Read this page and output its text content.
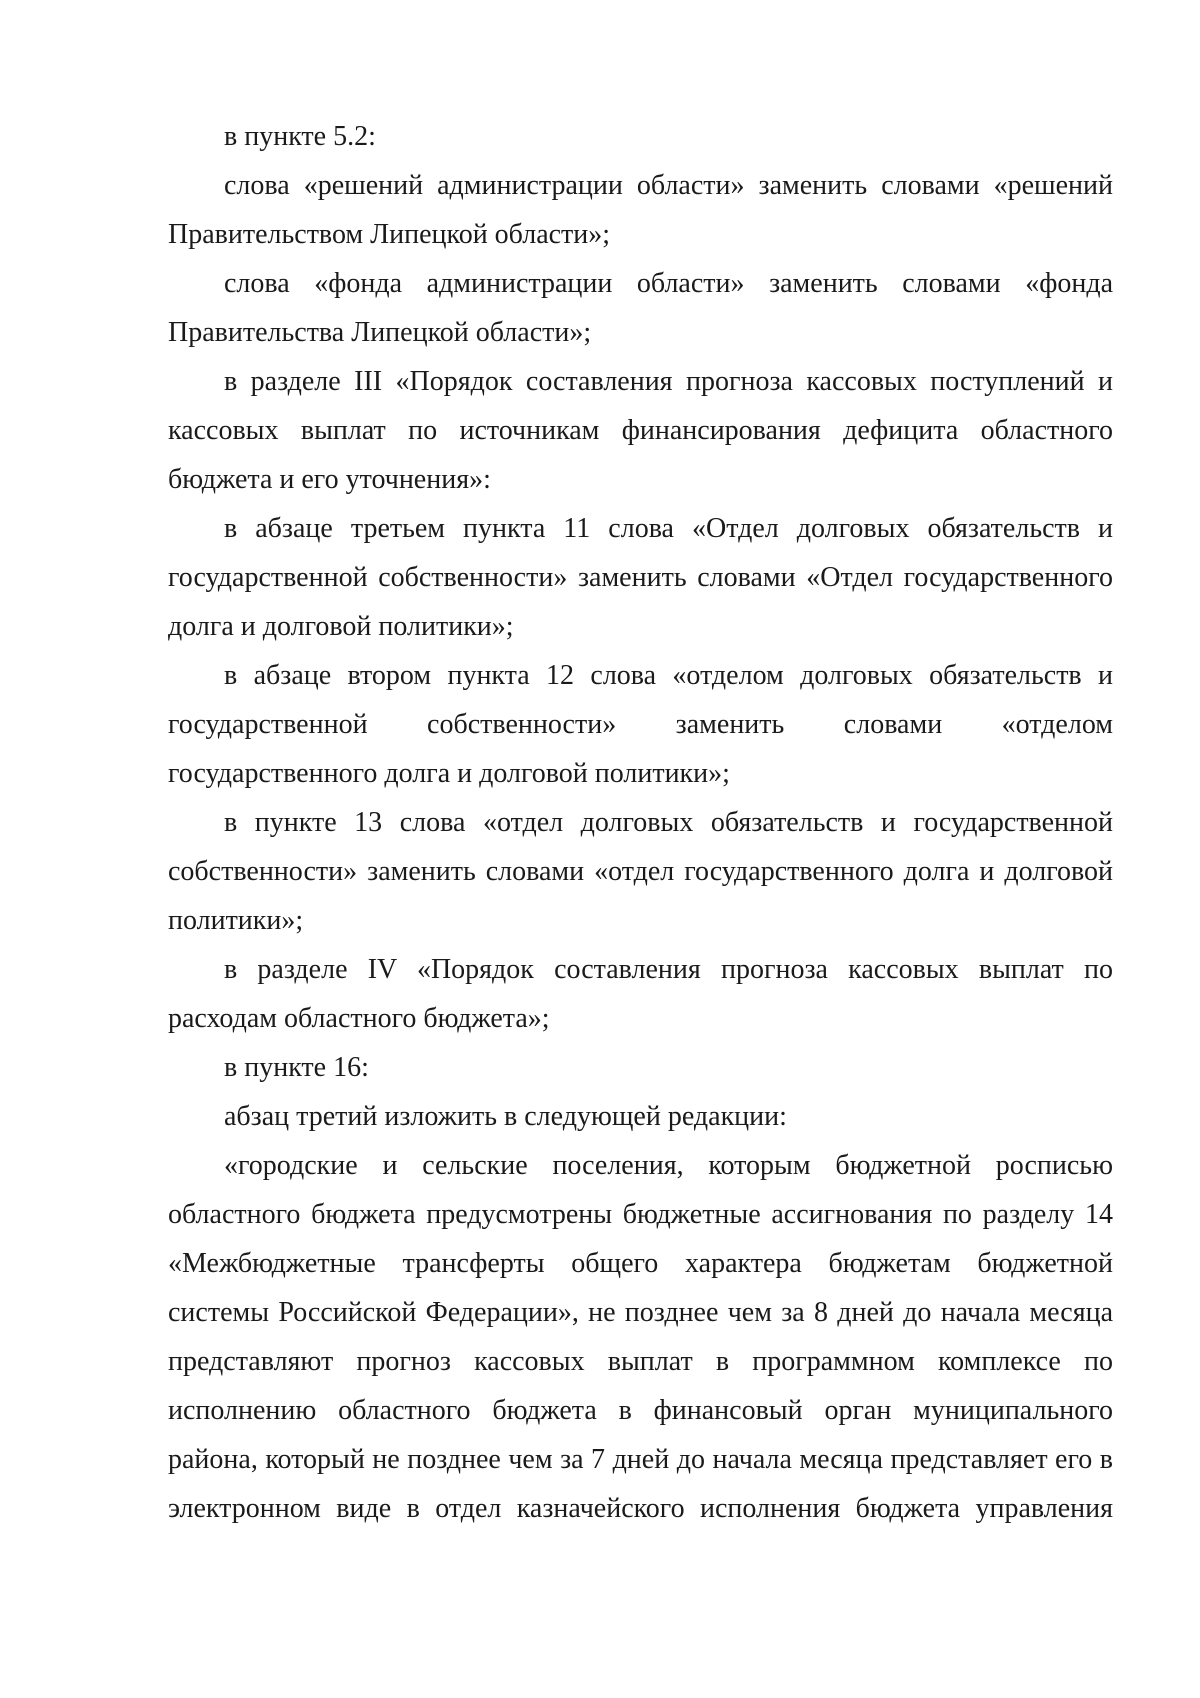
в пункте 5.2:

слова «решений администрации области» заменить словами «решений Правительством Липецкой области»;

слова «фонда администрации области» заменить словами «фонда Правительства Липецкой области»;

в разделе III «Порядок составления прогноза кассовых поступлений и кассовых выплат по источникам финансирования дефицита областного бюджета и его уточнения»:

в абзаце третьем пункта 11 слова «Отдел долговых обязательств и государственной собственности» заменить словами «Отдел государственного долга и долговой политики»;

в абзаце втором пункта 12 слова «отделом долговых обязательств и государственной собственности» заменить словами «отделом государственного долга и долговой политики»;

в пункте 13 слова «отдел долговых обязательств и государственной собственности» заменить словами «отдел государственного долга и долговой политики»;

в разделе IV «Порядок составления прогноза кассовых выплат по расходам областного бюджета»;

в пункте 16:

абзац третий изложить в следующей редакции:

«городские и сельские поселения, которым бюджетной росписью областного бюджета предусмотрены бюджетные ассигнования по разделу 14 «Межбюджетные трансферты общего характера бюджетам бюджетной системы Российской Федерации», не позднее чем за 8 дней до начала месяца представляют прогноз кассовых выплат в программном комплексе по исполнению областного бюджета в финансовый орган муниципального района, который не позднее чем за 7 дней до начала месяца представляет его в электронном виде в отдел казначейского исполнения бюджета управления
